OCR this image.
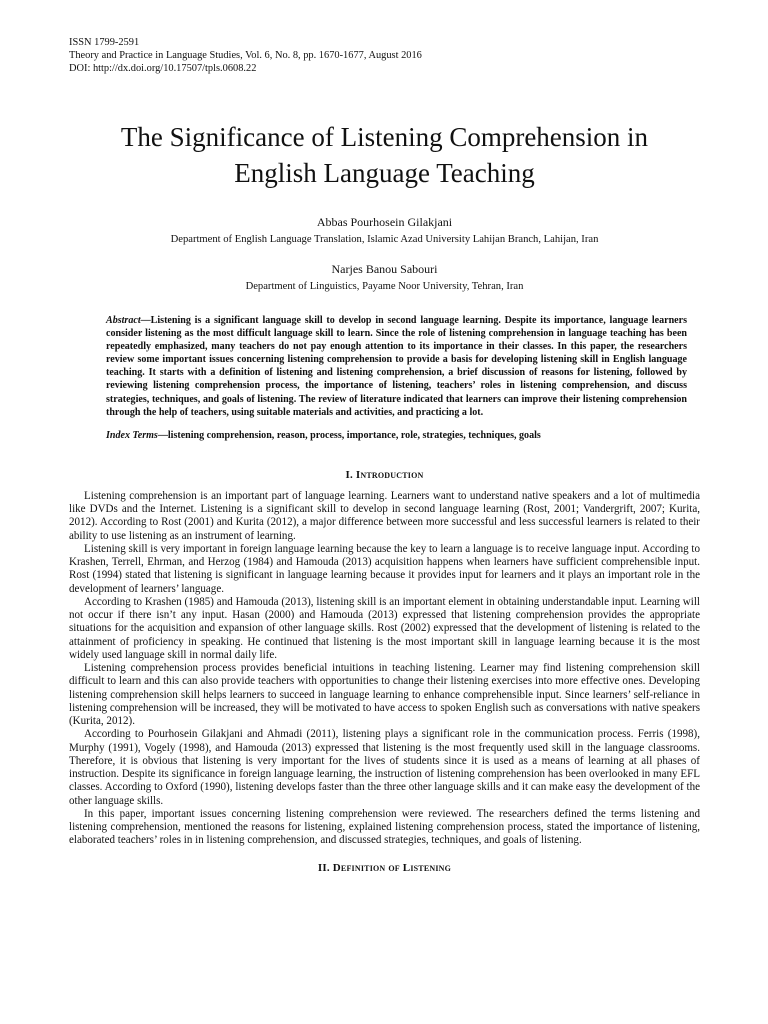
ISSN 1799-2591

Theory and Practice in Language Studies, Vol. 6, No. 8, pp. 1670-1677, August 2016

DOI: http://dx.doi.org/10.17507/tpls.0608.22

The Significance of Listening Comprehension in
English Language Teaching

Abbas Pourhosein Gilakjani

Department of English Language Translation, Islamic Azad University Lahijan Branch, Lahijan, Iran

Narjes Banou Sabouri

Department of Linguistics, Payame Noor University, Tehran, Iran

Abstract—Listening is a significant language skill to develop in second language learning. Despite its importance, language learners consider listening as the most difficult language skill to learn. Since the role of listening comprehension in language teaching has been repeatedly emphasized, many teachers do not pay enough attention to its importance in their classes. In this paper, the researchers review some important issues concerning listening comprehension to provide a basis for developing listening skill in English language teaching. It starts with a definition of listening and listening comprehension, a brief discussion of reasons for listening, followed by reviewing listening comprehension process, the importance of listening, teachers’ roles in listening comprehension, and discuss strategies, techniques, and goals of listening. The review of literature indicated that learners can improve their listening comprehension through the help of teachers, using suitable materials and activities, and practicing a lot.

Index Terms—listening comprehension, reason, process, importance, role, strategies, techniques, goals

I. Introduction

Listening comprehension is an important part of language learning. Learners want to understand native speakers and a lot of multimedia like DVDs and the Internet. Listening is a significant skill to develop in second language learning (Rost, 2001; Vandergrift, 2007; Kurita, 2012). According to Rost (2001) and Kurita (2012), a major difference between more successful and less successful learners is related to their ability to use listening as an instrument of learning.

Listening skill is very important in foreign language learning because the key to learn a language is to receive language input. According to Krashen, Terrell, Ehrman, and Herzog (1984) and Hamouda (2013) acquisition happens when learners have sufficient comprehensible input. Rost (1994) stated that listening is significant in language learning because it provides input for learners and it plays an important role in the development of learners’ language.

According to Krashen (1985) and Hamouda (2013), listening skill is an important element in obtaining understandable input. Learning will not occur if there isn’t any input. Hasan (2000) and Hamouda (2013) expressed that listening comprehension provides the appropriate situations for the acquisition and expansion of other language skills. Rost (2002) expressed that the development of listening is related to the attainment of proficiency in speaking. He continued that listening is the most important skill in language learning because it is the most widely used language skill in normal daily life.

Listening comprehension process provides beneficial intuitions in teaching listening. Learner may find listening comprehension skill difficult to learn and this can also provide teachers with opportunities to change their listening exercises into more effective ones. Developing listening comprehension skill helps learners to succeed in language learning to enhance comprehensible input. Since learners’ self-reliance in listening comprehension will be increased, they will be motivated to have access to spoken English such as conversations with native speakers (Kurita, 2012).

According to Pourhosein Gilakjani and Ahmadi (2011), listening plays a significant role in the communication process. Ferris (1998), Murphy (1991), Vogely (1998), and Hamouda (2013) expressed that listening is the most frequently used skill in the language classrooms. Therefore, it is obvious that listening is very important for the lives of students since it is used as a means of learning at all phases of instruction. Despite its significance in foreign language learning, the instruction of listening comprehension has been overlooked in many EFL classes. According to Oxford (1990), listening develops faster than the three other language skills and it can make easy the development of the other language skills.

In this paper, important issues concerning listening comprehension were reviewed. The researchers defined the terms listening and listening comprehension, mentioned the reasons for listening, explained listening comprehension process, stated the importance of listening, elaborated teachers’ roles in in listening comprehension, and discussed strategies, techniques, and goals of listening.

II. Definition of Listening
